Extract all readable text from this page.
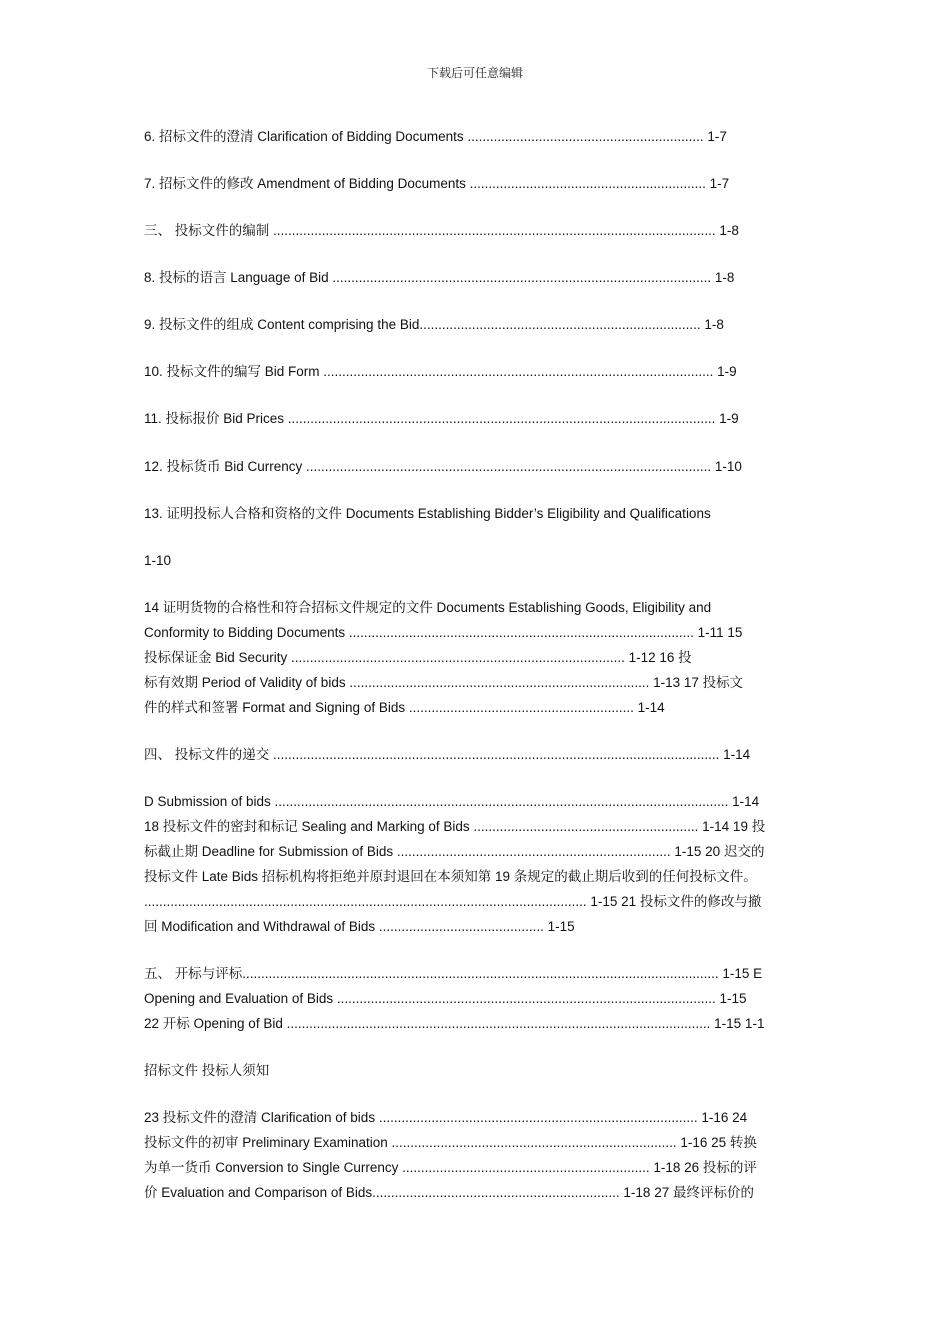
下载后可任意编辑
6. 招标文件的澄清 Clarification of Bidding Documents ............................................................... 1-7
7. 招标文件的修改 Amendment of Bidding Documents ............................................................... 1-7
三、 投标文件的编制 ...................................................................................................................... 1-8
8. 投标的语言 Language of Bid ..................................................................................................... 1-8
9. 投标文件的组成 Content comprising the Bid........................................................................... 1-8
10. 投标文件的编写 Bid Form ........................................................................................................ 1-9
11. 投标报价 Bid Prices .................................................................................................................. 1-9
12. 投标货币 Bid Currency ............................................................................................................ 1-10
13. 证明投标人合格和资格的文件 Documents Establishing Bidder’s Eligibility and Qualifications
1-10
14 证明货物的合格性和符合招标文件规定的文件 Documents Establishing Goods, Eligibility and
Conformity to Bidding Documents ............................................................................................ 1-11 15
投标保证金 Bid Security ......................................................................................... 1-12 16 投
标有效期 Period of Validity of bids ................................................................................ 1-13 17 投标文
件的样式和签署 Format and Signing of Bids ............................................................ 1-14
四、 投标文件的递交 ....................................................................................................................... 1-14
D Submission of bids ......................................................................................................................... 1-14
18 投标文件的密封和标记 Sealing and Marking of Bids ............................................................ 1-14 19 投
标截止期 Deadline for Submission of Bids ......................................................................... 1-15 20 迟交的
投标文件 Late Bids 招标机构将拒绝并原封退回在本须知第 19 条规定的截止期后收到的任何投标文件。
...................................................................................................................... 1-15 21 投标文件的修改与撤
回 Modification and Withdrawal of Bids ............................................ 1-15
五、 开标与评标............................................................................................................................... 1-15 E
Opening and Evaluation of Bids ..................................................................................................... 1-15
22 开标 Opening of Bid ................................................................................................................. 1-15 1-1
招标文件 投标人须知
23 投标文件的澄清 Clarification of bids ..................................................................................... 1-16 24
投标文件的初审 Preliminary Examination ............................................................................ 1-16 25 转换
为单一货币 Conversion to Single Currency .................................................................. 1-18 26 投标的评
价 Evaluation and Comparison of Bids.................................................................. 1-18 27 最终评标价的
